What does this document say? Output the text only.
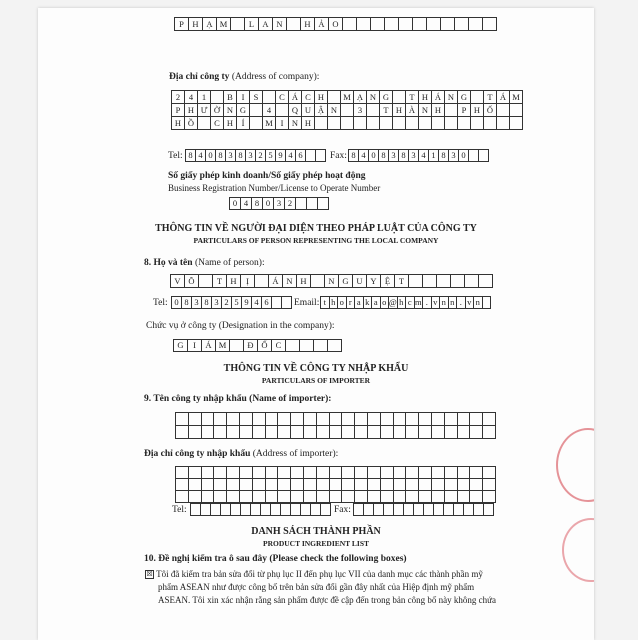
P	H Ạ M	L A N	H Ả O
Địa chỉ công ty (Address of company):
2	4	1	B	I	S	C Á C H	M Ạ N G	T H Á N G	T Á M
P H Ư Ờ N G	4	Q U Ậ N	3	T H À N H	P H Ố
H Ồ	C H	Í	M I	N H
Tel: 8 4 0 8 3 8 3 2 5 9 4 6	Fax: 8 4 0 8 3 8 3 4 1 8 3 0
Số giấy phép kinh doanh/Số giấy phép hoạt động
Business Registration Number/License to Operate Number
0 4 8 0 3 2
THÔNG TIN VỀ NGƯỜI ĐẠI DIỆN THEO PHÁP LUẬT CỦA CÔNG TY
PARTICULARS OF PERSON REPRESENTING THE LOCAL COMPANY
8. Họ và tên (Name of person):
V Õ	T H	Ị	Á N H	N G U Y Ệ	T
Tel: 0 8 3 8 3 2 5 9 4 6	Email: t h o r a k a o @ h c m . v n n . v n
Chức vụ ở công ty (Designation in the company):
G	I	Á M	Đ Ố C
THÔNG TIN VỀ CÔNG TY NHẬP KHẨU
PARTICULARS OF IMPORTER
9. Tên công ty nhập khẩu (Name of importer):
Địa chỉ công ty nhập khẩu (Address of importer):
Tel:	Fax:
DANH SÁCH THÀNH PHẦN
PRODUCT INGREDIENT LIST
10. Đề nghị kiểm tra ô sau đây (Please check the following boxes)
☒ Tôi đã kiểm tra bản sửa đổi từ phụ lục II đến phụ lục VII của danh mục các thành phần mỹ
phẩm ASEAN như được công bố trên bản sửa đổi gần đây nhất của Hiệp định mỹ phẩm
ASEAN. Tôi xin xác nhận rằng sản phẩm được đề cập đến trong bản công bố này không chứa
